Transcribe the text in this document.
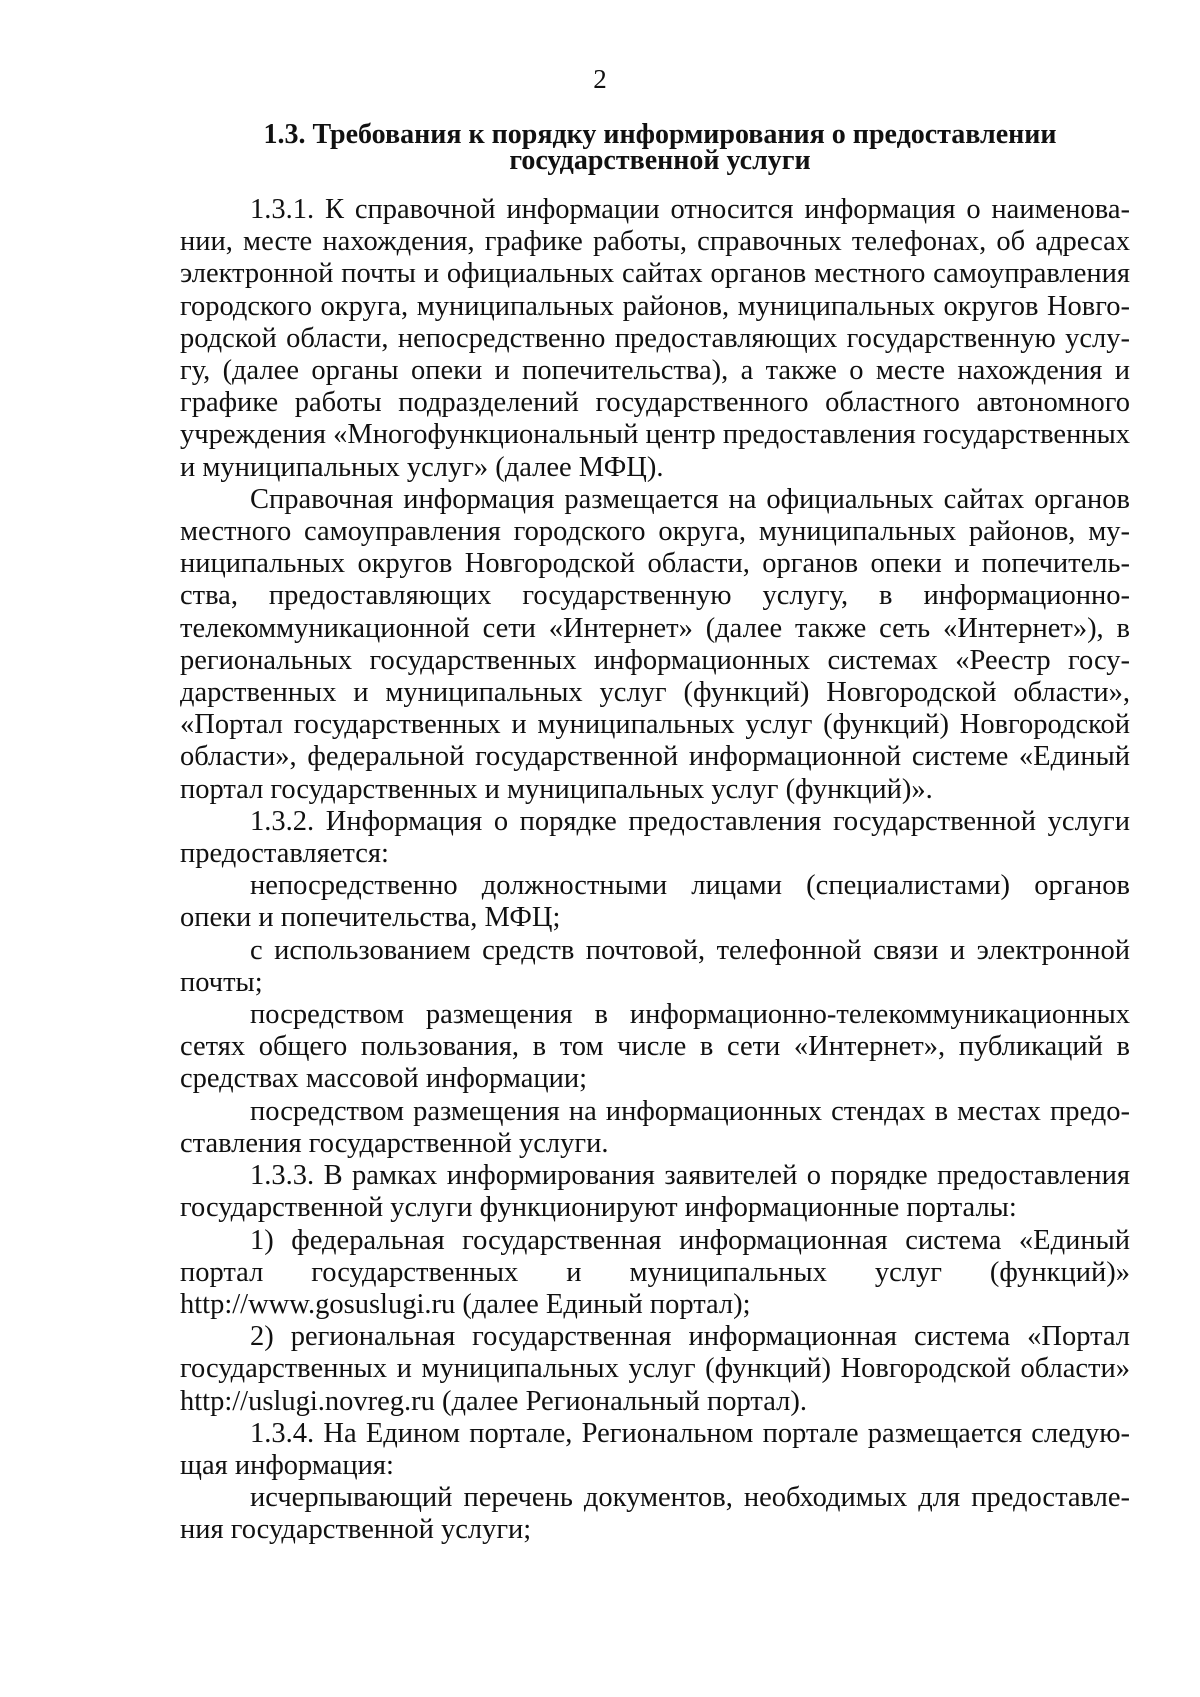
2
1.3. Требования к порядку информирования о предоставлении
государственной услуги

1.3.1. К справочной информации относится информация о наименовании, месте нахождения, графике работы, справочных телефонах, об адресах электронной почты и официальных сайтах органов местного самоуправления городского округа, муниципальных районов, муниципальных округов Новгородской области, непосредственно предоставляющих государственную услугу, (далее органы опеки и попечительства), а также о месте нахождения и графике работы подразделений государственного областного автономного учреждения «Многофункциональный центр предоставления государственных и муниципальных услуг» (далее МФЦ).

Справочная информация размещается на официальных сайтах органов местного самоуправления городского округа, муниципальных районов, муниципальных округов Новгородской области, органов опеки и попечительства, предоставляющих государственную услугу, в информационно-телекоммуникационной сети «Интернет» (далее также сеть «Интернет»), в региональных государственных информационных системах «Реестр государственных и муниципальных услуг (функций) Новгородской области», «Портал государственных и муниципальных услуг (функций) Новгородской области», федеральной государственной информационной системе «Единый портал государственных и муниципальных услуг (функций)».

1.3.2. Информация о порядке предоставления государственной услуги предоставляется:

непосредственно должностными лицами (специалистами) органов опеки и попечительства, МФЦ;

с использованием средств почтовой, телефонной связи и электронной почты;

посредством размещения в информационно-телекоммуникационных сетях общего пользования, в том числе в сети «Интернет», публикаций в средствах массовой информации;

посредством размещения на информационных стендах в местах предоставления государственной услуги.

1.3.3. В рамках информирования заявителей о порядке предоставления государственной услуги функционируют информационные порталы:

1) федеральная государственная информационная система «Единый портал государственных и муниципальных услуг (функций)» http://www.gosuslugi.ru (далее Единый портал);

2) региональная государственная информационная система «Портал государственных и муниципальных услуг (функций) Новгородской области» http://uslugi.novreg.ru (далее Региональный портал).

1.3.4. На Едином портале, Региональном портале размещается следующая информация:

исчерпывающий перечень документов, необходимых для предоставления государственной услуги;
